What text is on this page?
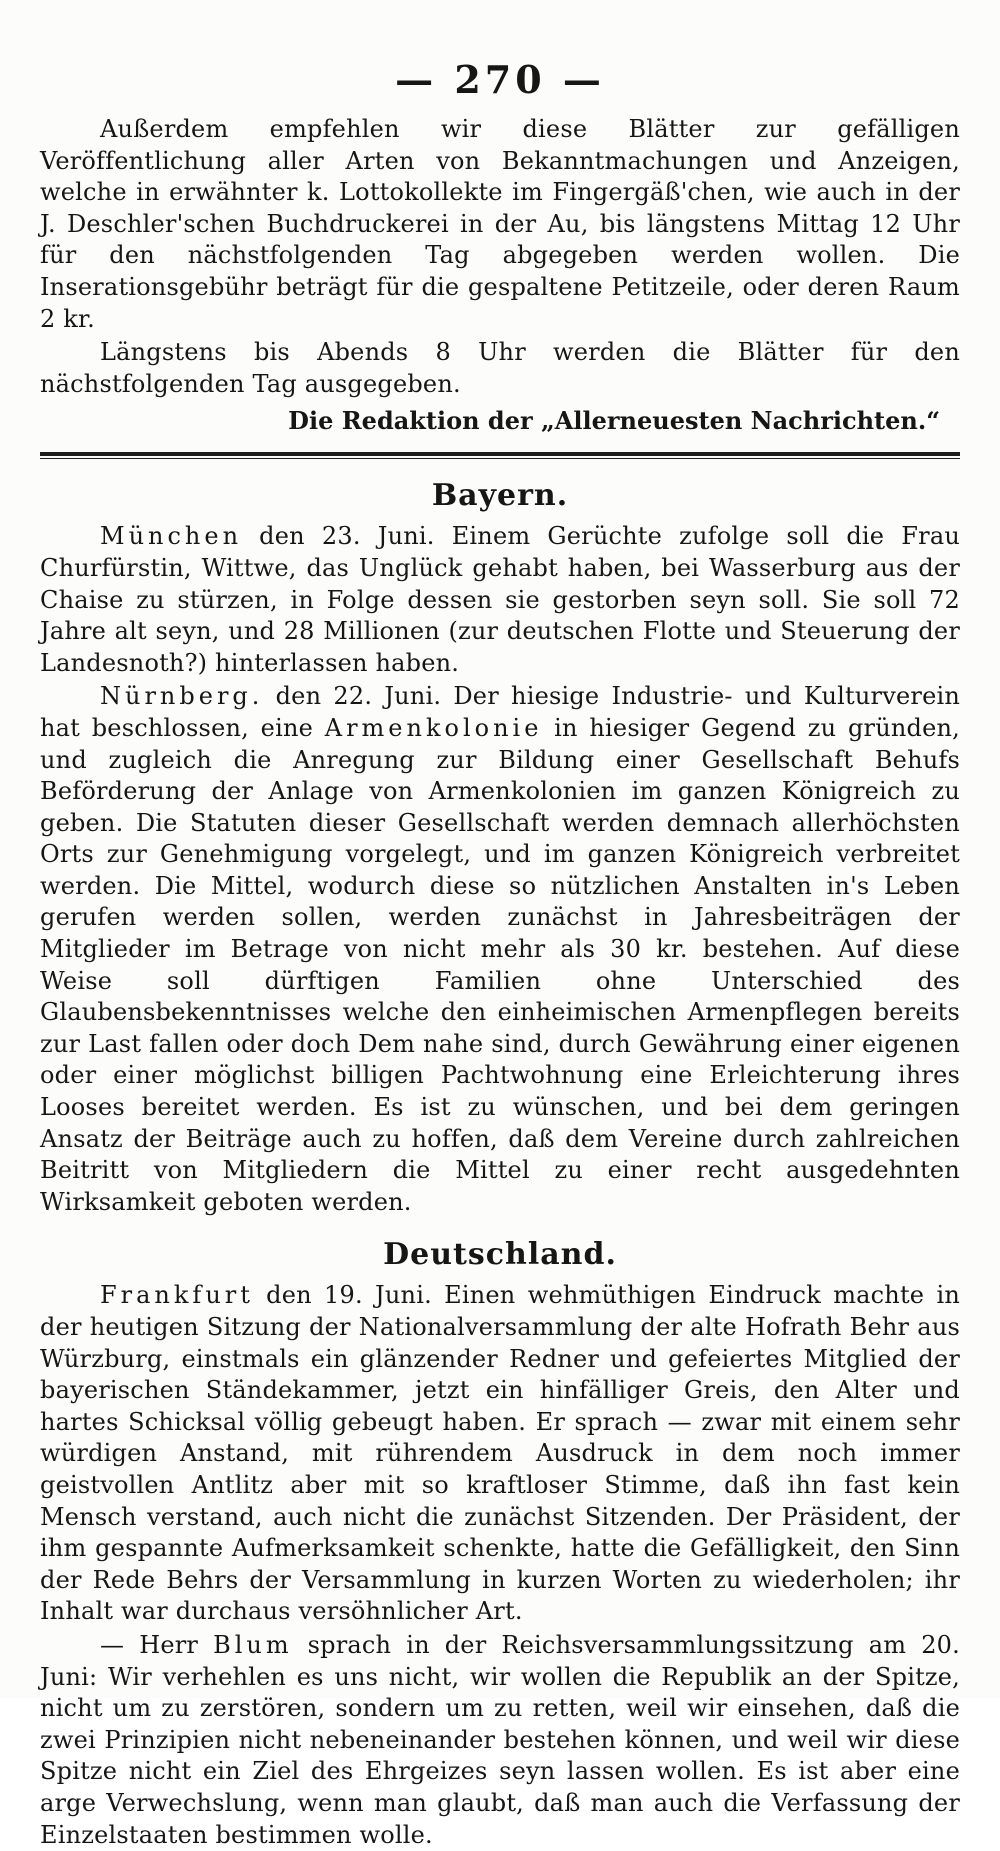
— 270 —

Außerdem empfehlen wir diese Blätter zur gefälligen Veröffentlichung aller Arten von Bekanntmachungen und Anzeigen, welche in erwähnter k. Lottokollekte im Fingergäß'chen, wie auch in der J. Deschler'schen Buchdruckerei in der Au, bis längstens Mittag 12 Uhr für den nächstfolgenden Tag abgegeben werden wollen. Die Inserationsgebühr beträgt für die gespaltene Petitzeile, oder deren Raum 2 kr.

Längstens bis Abends 8 Uhr werden die Blätter für den nächstfolgenden Tag ausgegeben.

Die Redaktion der „Allerneuesten Nachrichten.“
Bayern.

München den 23. Juni. Einem Gerüchte zufolge soll die Frau Churfürstin, Wittwe, das Unglück gehabt haben, bei Wasserburg aus der Chaise zu stürzen, in Folge dessen sie gestorben seyn soll. Sie soll 72 Jahre alt seyn, und 28 Millionen (zur deutschen Flotte und Steuerung der Landesnoth?) hinterlassen haben.

Nürnberg. den 22. Juni. Der hiesige Industrie- und Kulturverein hat beschlossen, eine Armenkolonie in hiesiger Gegend zu gründen, und zugleich die Anregung zur Bildung einer Gesellschaft Behufs Beförderung der Anlage von Armenkolonien im ganzen Königreich zu geben. Die Statuten dieser Gesellschaft werden demnach allerhöchsten Orts zur Genehmigung vorgelegt, und im ganzen Königreich verbreitet werden. Die Mittel, wodurch diese so nützlichen Anstalten in's Leben gerufen werden sollen, werden zunächst in Jahresbeiträgen der Mitglieder im Betrage von nicht mehr als 30 kr. bestehen. Auf diese Weise soll dürftigen Familien ohne Unterschied des Glaubensbekenntnisses welche den einheimischen Armenpflegen bereits zur Last fallen oder doch Dem nahe sind, durch Gewährung einer eigenen oder einer möglichst billigen Pachtwohnung eine Erleichterung ihres Looses bereitet werden. Es ist zu wünschen, und bei dem geringen Ansatz der Beiträge auch zu hoffen, daß dem Vereine durch zahlreichen Beitritt von Mitgliedern die Mittel zu einer recht ausgedehnten Wirksamkeit geboten werden.

Deutschland.

Frankfurt den 19. Juni. Einen wehmüthigen Eindruck machte in der heutigen Sitzung der Nationalversammlung der alte Hofrath Behr aus Würzburg, einstmals ein glänzender Redner und gefeiertes Mitglied der bayerischen Ständekammer, jetzt ein hinfälliger Greis, den Alter und hartes Schicksal völlig gebeugt haben. Er sprach — zwar mit einem sehr würdigen Anstand, mit rührendem Ausdruck in dem noch immer geistvollen Antlitz aber mit so kraftloser Stimme, daß ihn fast kein Mensch verstand, auch nicht die zunächst Sitzenden. Der Präsident, der ihm gespannte Aufmerksamkeit schenkte, hatte die Gefälligkeit, den Sinn der Rede Behrs der Versammlung in kurzen Worten zu wiederholen; ihr Inhalt war durchaus versöhnlicher Art.

— Herr Blum sprach in der Reichsversammlungssitzung am 20. Juni: Wir verhehlen es uns nicht, wir wollen die Republik an der Spitze, nicht um zu zerstören, sondern um zu retten, weil wir einsehen, daß die zwei Prinzipien nicht nebeneinander bestehen können, und weil wir diese Spitze nicht ein Ziel des Ehrgeizes seyn lassen wollen. Es ist aber eine arge Verwechslung, wenn man glaubt, daß man auch die Verfassung der Einzelstaaten bestimmen wolle.
